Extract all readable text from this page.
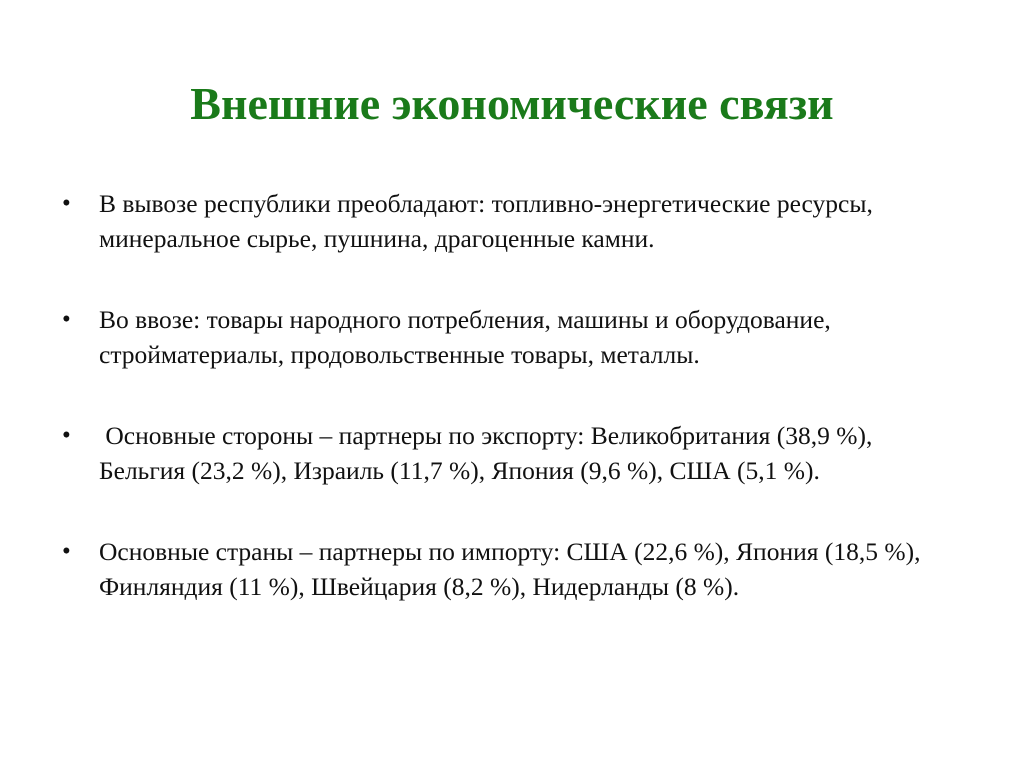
Внешние экономические связи
•	В вывозе республики преобладают: топливно-энергетические ресурсы, минеральное сырье, пушнина, драгоценные камни.
•	Во ввозе: товары народного потребления, машины и оборудование, стройматериалы, продовольственные товары, металлы.
•	Основные стороны – партнеры по экспорту: Великобритания (38,9 %), Бельгия (23,2 %), Израиль (11,7 %), Япония (9,6 %), США (5,1 %).
•	Основные страны – партнеры по импорту: США (22,6 %), Япония (18,5 %), Финляндия (11 %), Швейцария (8,2 %), Нидерланды (8 %).
